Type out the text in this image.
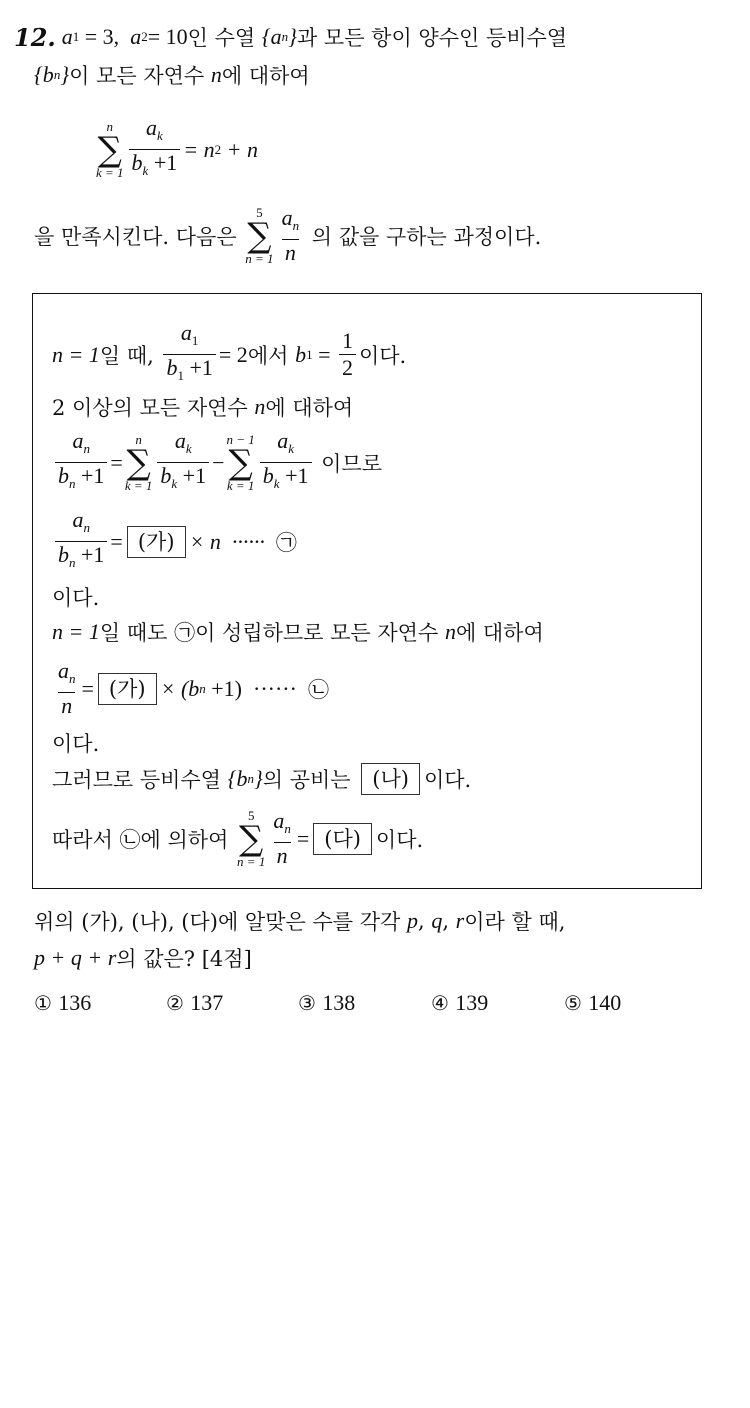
12. a 1 = 3, a 2 = 10 인 수열 {a n } 과 모든 항이 양수인 등비수열
{b n } 이 모든 자연수 n 에 대하여
n
∑
$k = 1 \frac{a_k}{b_k +1} = n$ 2 + n
을 만족시킨다. 다음은
5
∑
$n = 1 \frac{a_n}{n}$ 의 값을 구하는 과정이다.
n = 1 일 때, $\frac{a_1}{b_1 +1} = 2$ 에서 b $1 = \frac{1}{2}$ 이다.
2 이상의 모든 자연수 n 에 대하여
$\frac{a_n}{b_n +1}$ =
n
∑
$k = 1 \frac{a_k}{b_k +1}$ −
n − 1
∑
$k = 1 \frac{a_k}{b_k +1}$ 이므로
$\frac{a_n}{b_n +1}$ = (가) × n  ······ ㉠
이다.
n = 1 일 때도 ㉠ 이 성립하므로 모든 자연수 n 에 대하여
$\frac{a_n}{n}$ = (가) × (b n +1)  ······ ㉡
이다.
그러므로 등비수열 {b n } 의 공비는 (나) 이다.
따라서 ㉡ 에 의하여
5
∑
$n = 1 \frac{a_n}{n}$ = (다) 이다.
위의 (가), (나), (다)에 알맞은 수를 각각 p , q , r 이라 할 때,
p + q + r 의 값은? [4점]
① 136	② 137	③ 138	④ 139	⑤ 140
